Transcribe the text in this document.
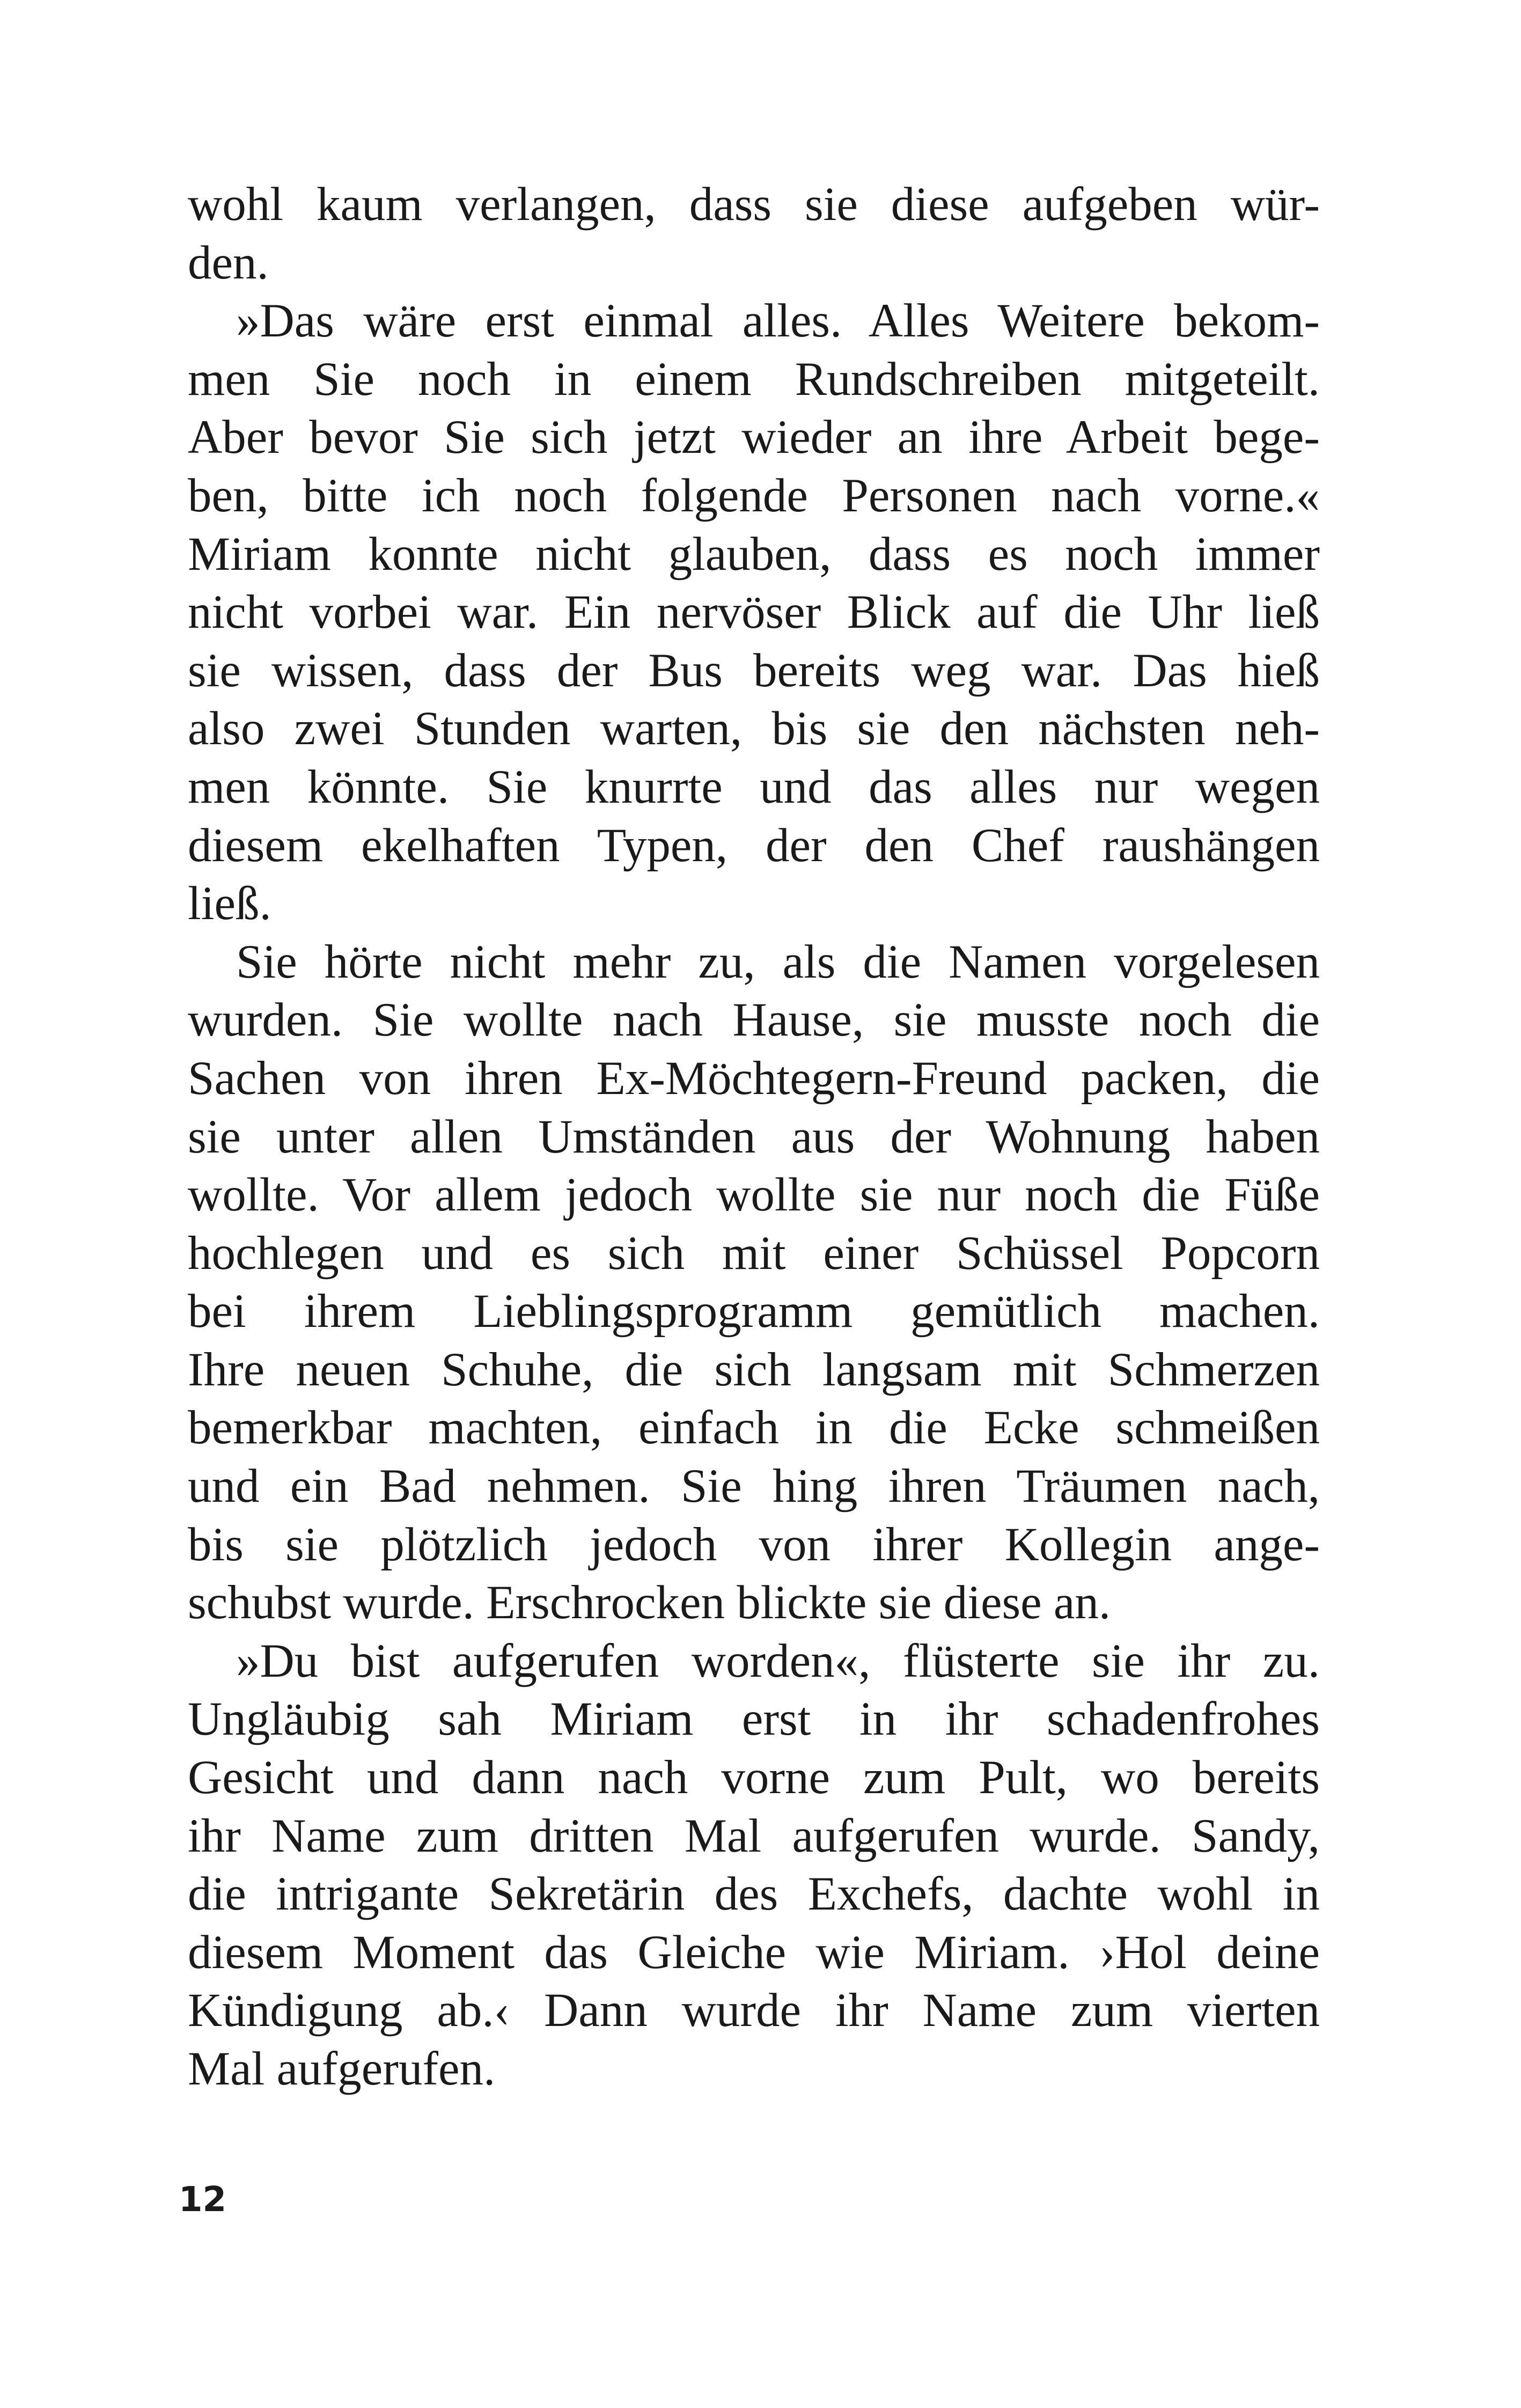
wohl kaum verlangen, dass sie diese aufgeben wür-
den.
»Das wäre erst einmal alles. Alles Weitere bekom-
men Sie noch in einem Rundschreiben mitgeteilt.
Aber bevor Sie sich jetzt wieder an ihre Arbeit bege-
ben, bitte ich noch folgende Personen nach vorne.«
Miriam konnte nicht glauben, dass es noch immer
nicht vorbei war. Ein nervöser Blick auf die Uhr ließ
sie wissen, dass der Bus bereits weg war. Das hieß
also zwei Stunden warten, bis sie den nächsten neh-
men könnte. Sie knurrte und das alles nur wegen
diesem ekelhaften Typen, der den Chef raushängen
ließ.
Sie hörte nicht mehr zu, als die Namen vorgelesen
wurden. Sie wollte nach Hause, sie musste noch die
Sachen von ihren Ex-Möchtegern-Freund packen, die
sie unter allen Umständen aus der Wohnung haben
wollte. Vor allem jedoch wollte sie nur noch die Füße
hochlegen und es sich mit einer Schüssel Popcorn
bei ihrem Lieblingsprogramm gemütlich machen.
Ihre neuen Schuhe, die sich langsam mit Schmerzen
bemerkbar machten, einfach in die Ecke schmeißen
und ein Bad nehmen. Sie hing ihren Träumen nach,
bis sie plötzlich jedoch von ihrer Kollegin ange-
schubst wurde. Erschrocken blickte sie diese an.
»Du bist aufgerufen worden«, flüsterte sie ihr zu.
Ungläubig sah Miriam erst in ihr schadenfrohes
Gesicht und dann nach vorne zum Pult, wo bereits
ihr Name zum dritten Mal aufgerufen wurde. Sandy,
die intrigante Sekretärin des Exchefs, dachte wohl in
diesem Moment das Gleiche wie Miriam. ›Hol deine
Kündigung ab.‹ Dann wurde ihr Name zum vierten
Mal aufgerufen.
12
